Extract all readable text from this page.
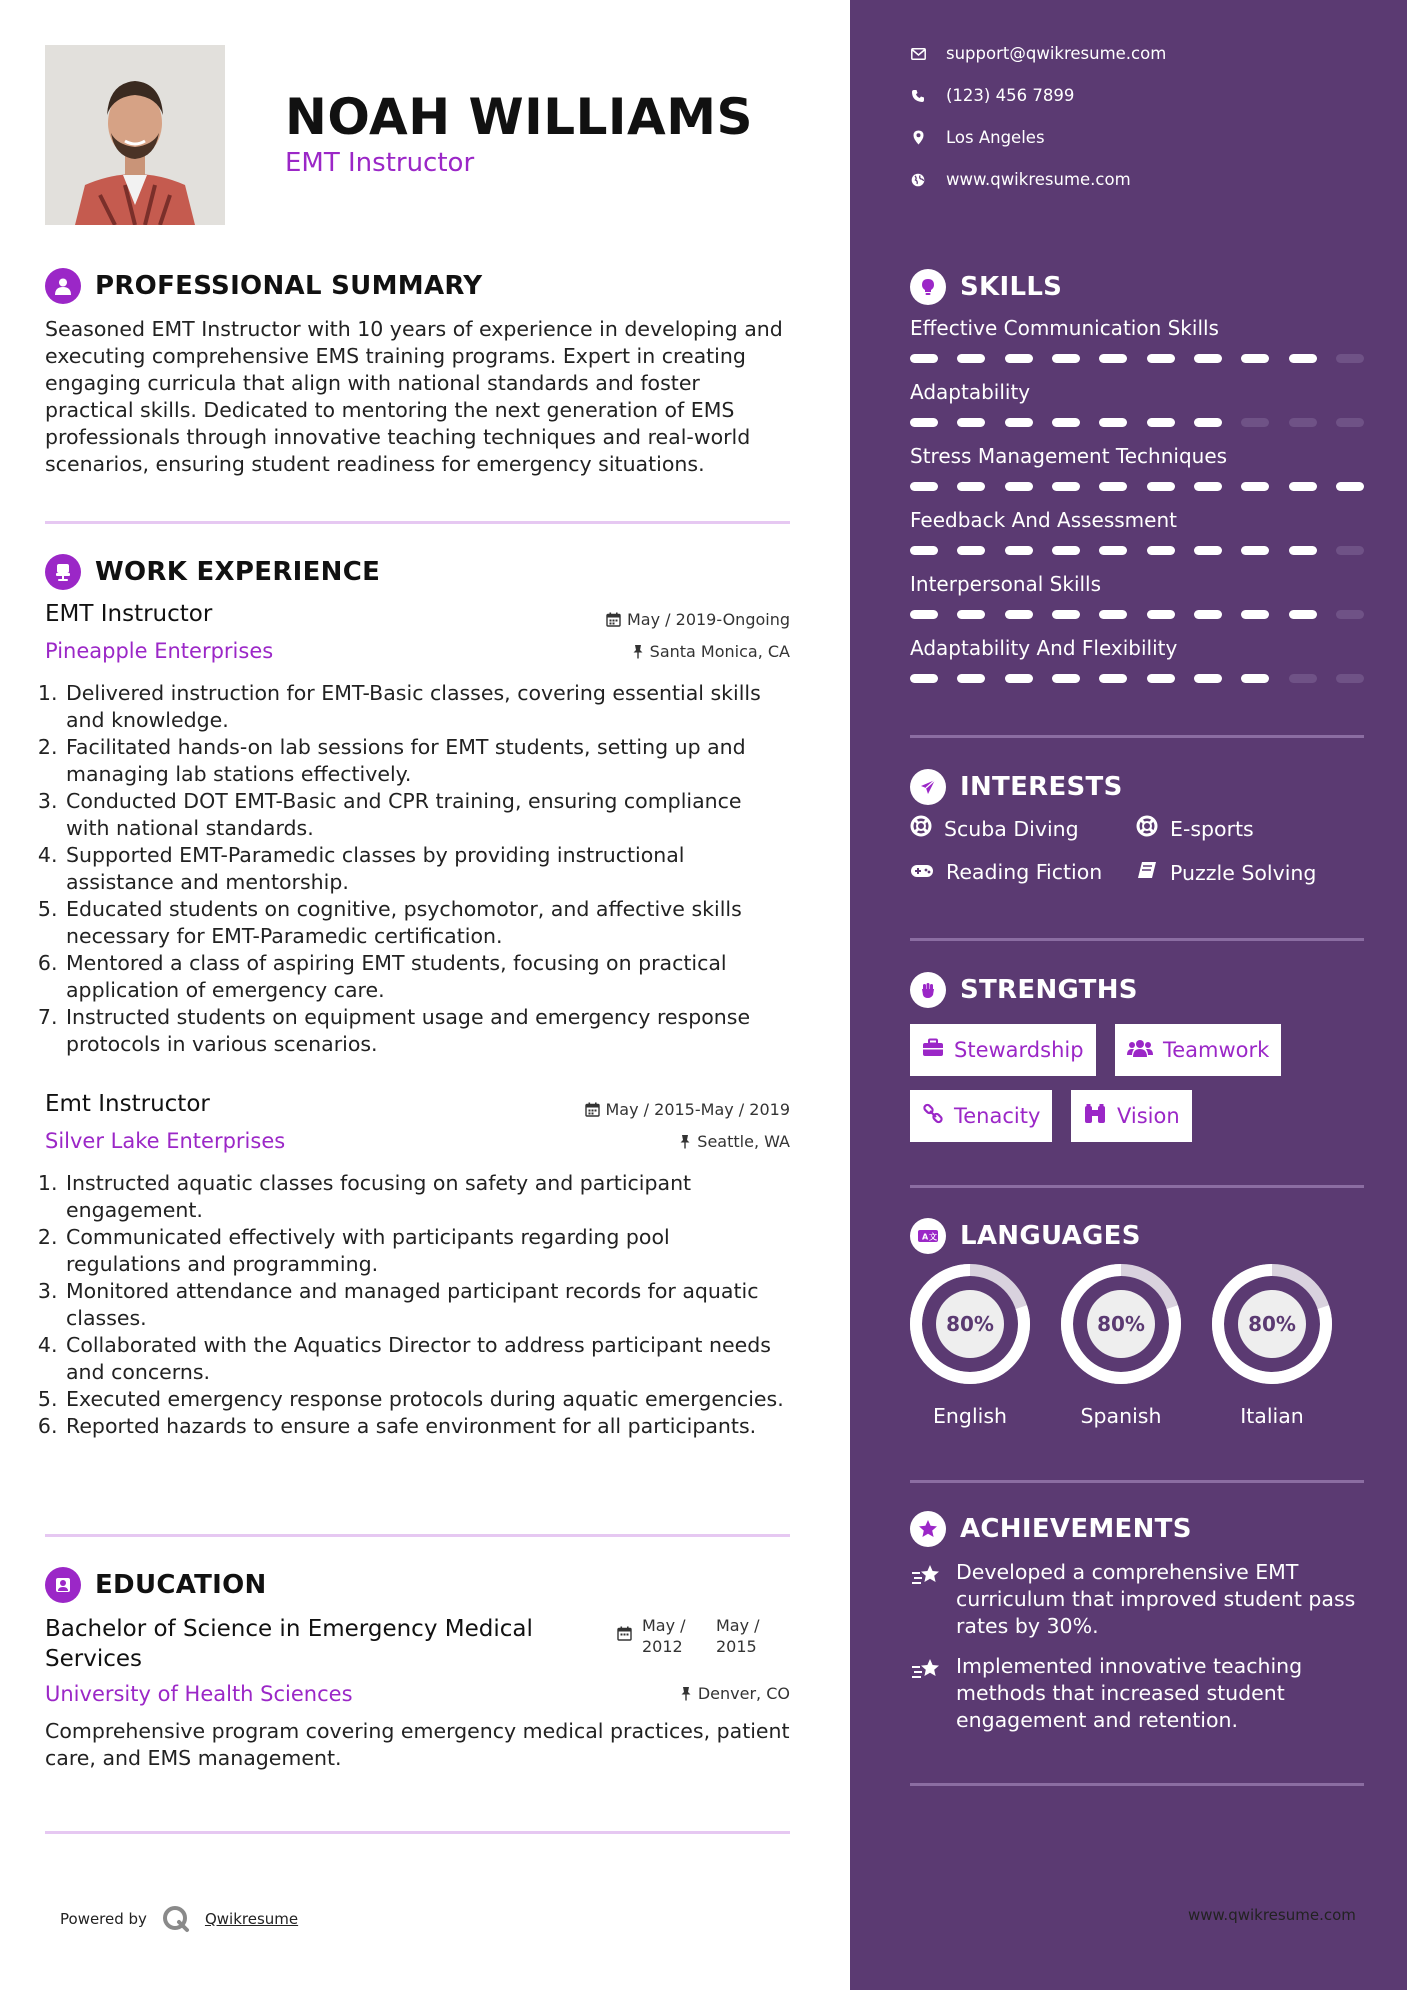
NOAH WILLIAMS
EMT Instructor
PROFESSIONAL SUMMARY

Seasoned EMT Instructor with 10 years of experience in developing and executing comprehensive EMS training programs. Expert in creating engaging curricula that align with national standards and foster practical skills. Dedicated to mentoring the next generation of EMS professionals through innovative teaching techniques and real-world scenarios, ensuring student readiness for emergency situations.

WORK EXPERIENCE
EMT Instructor	May / 2019-Ongoing
Pineapple Enterprises	Santa Monica, CA
1. Delivered instruction for EMT-Basic classes, covering essential skills and knowledge.
2. Facilitated hands-on lab sessions for EMT students, setting up and managing lab stations effectively.
3. Conducted DOT EMT-Basic and CPR training, ensuring compliance with national standards.
4. Supported EMT-Paramedic classes by providing instructional assistance and mentorship.
5. Educated students on cognitive, psychomotor, and affective skills necessary for EMT-Paramedic certification.
6. Mentored a class of aspiring EMT students, focusing on practical application of emergency care.
7. Instructed students on equipment usage and emergency response protocols in various scenarios.
Emt Instructor	May / 2015-May / 2019
Silver Lake Enterprises	Seattle, WA
1. Instructed aquatic classes focusing on safety and participant engagement.
2. Communicated effectively with participants regarding pool regulations and programming.
3. Monitored attendance and managed participant records for aquatic classes.
4. Collaborated with the Aquatics Director to address participant needs and concerns.
5. Executed emergency response protocols during aquatic emergencies.
6. Reported hazards to ensure a safe environment for all participants.
EDUCATION
Bachelor of Science in Emergency Medical Services
May / 2012
May / 2015
University of Health Sciences	Denver, CO

Comprehensive program covering emergency medical practices, patient care, and EMS management.

Powered by	Qwikresume
support@qwikresume.com
(123) 456 7899
Los Angeles
www.qwikresume.com
SKILLS
Effective Communication Skills
Adaptability
Stress Management Techniques
Feedback And Assessment
Interpersonal Skills
Adaptability And Flexibility
INTERESTS
Scuba Diving	E-sports
Reading Fiction	Puzzle Solving
STRENGTHS
Stewardship	Teamwork
Tenacity	Vision
A 文 LANGUAGES
80%
English
80%
Spanish
80%
Italian
ACHIEVEMENTS
Developed a comprehensive EMT curriculum that improved student pass rates by 30%.
Implemented innovative teaching methods that increased student engagement and retention.
www.qwikresume.com
